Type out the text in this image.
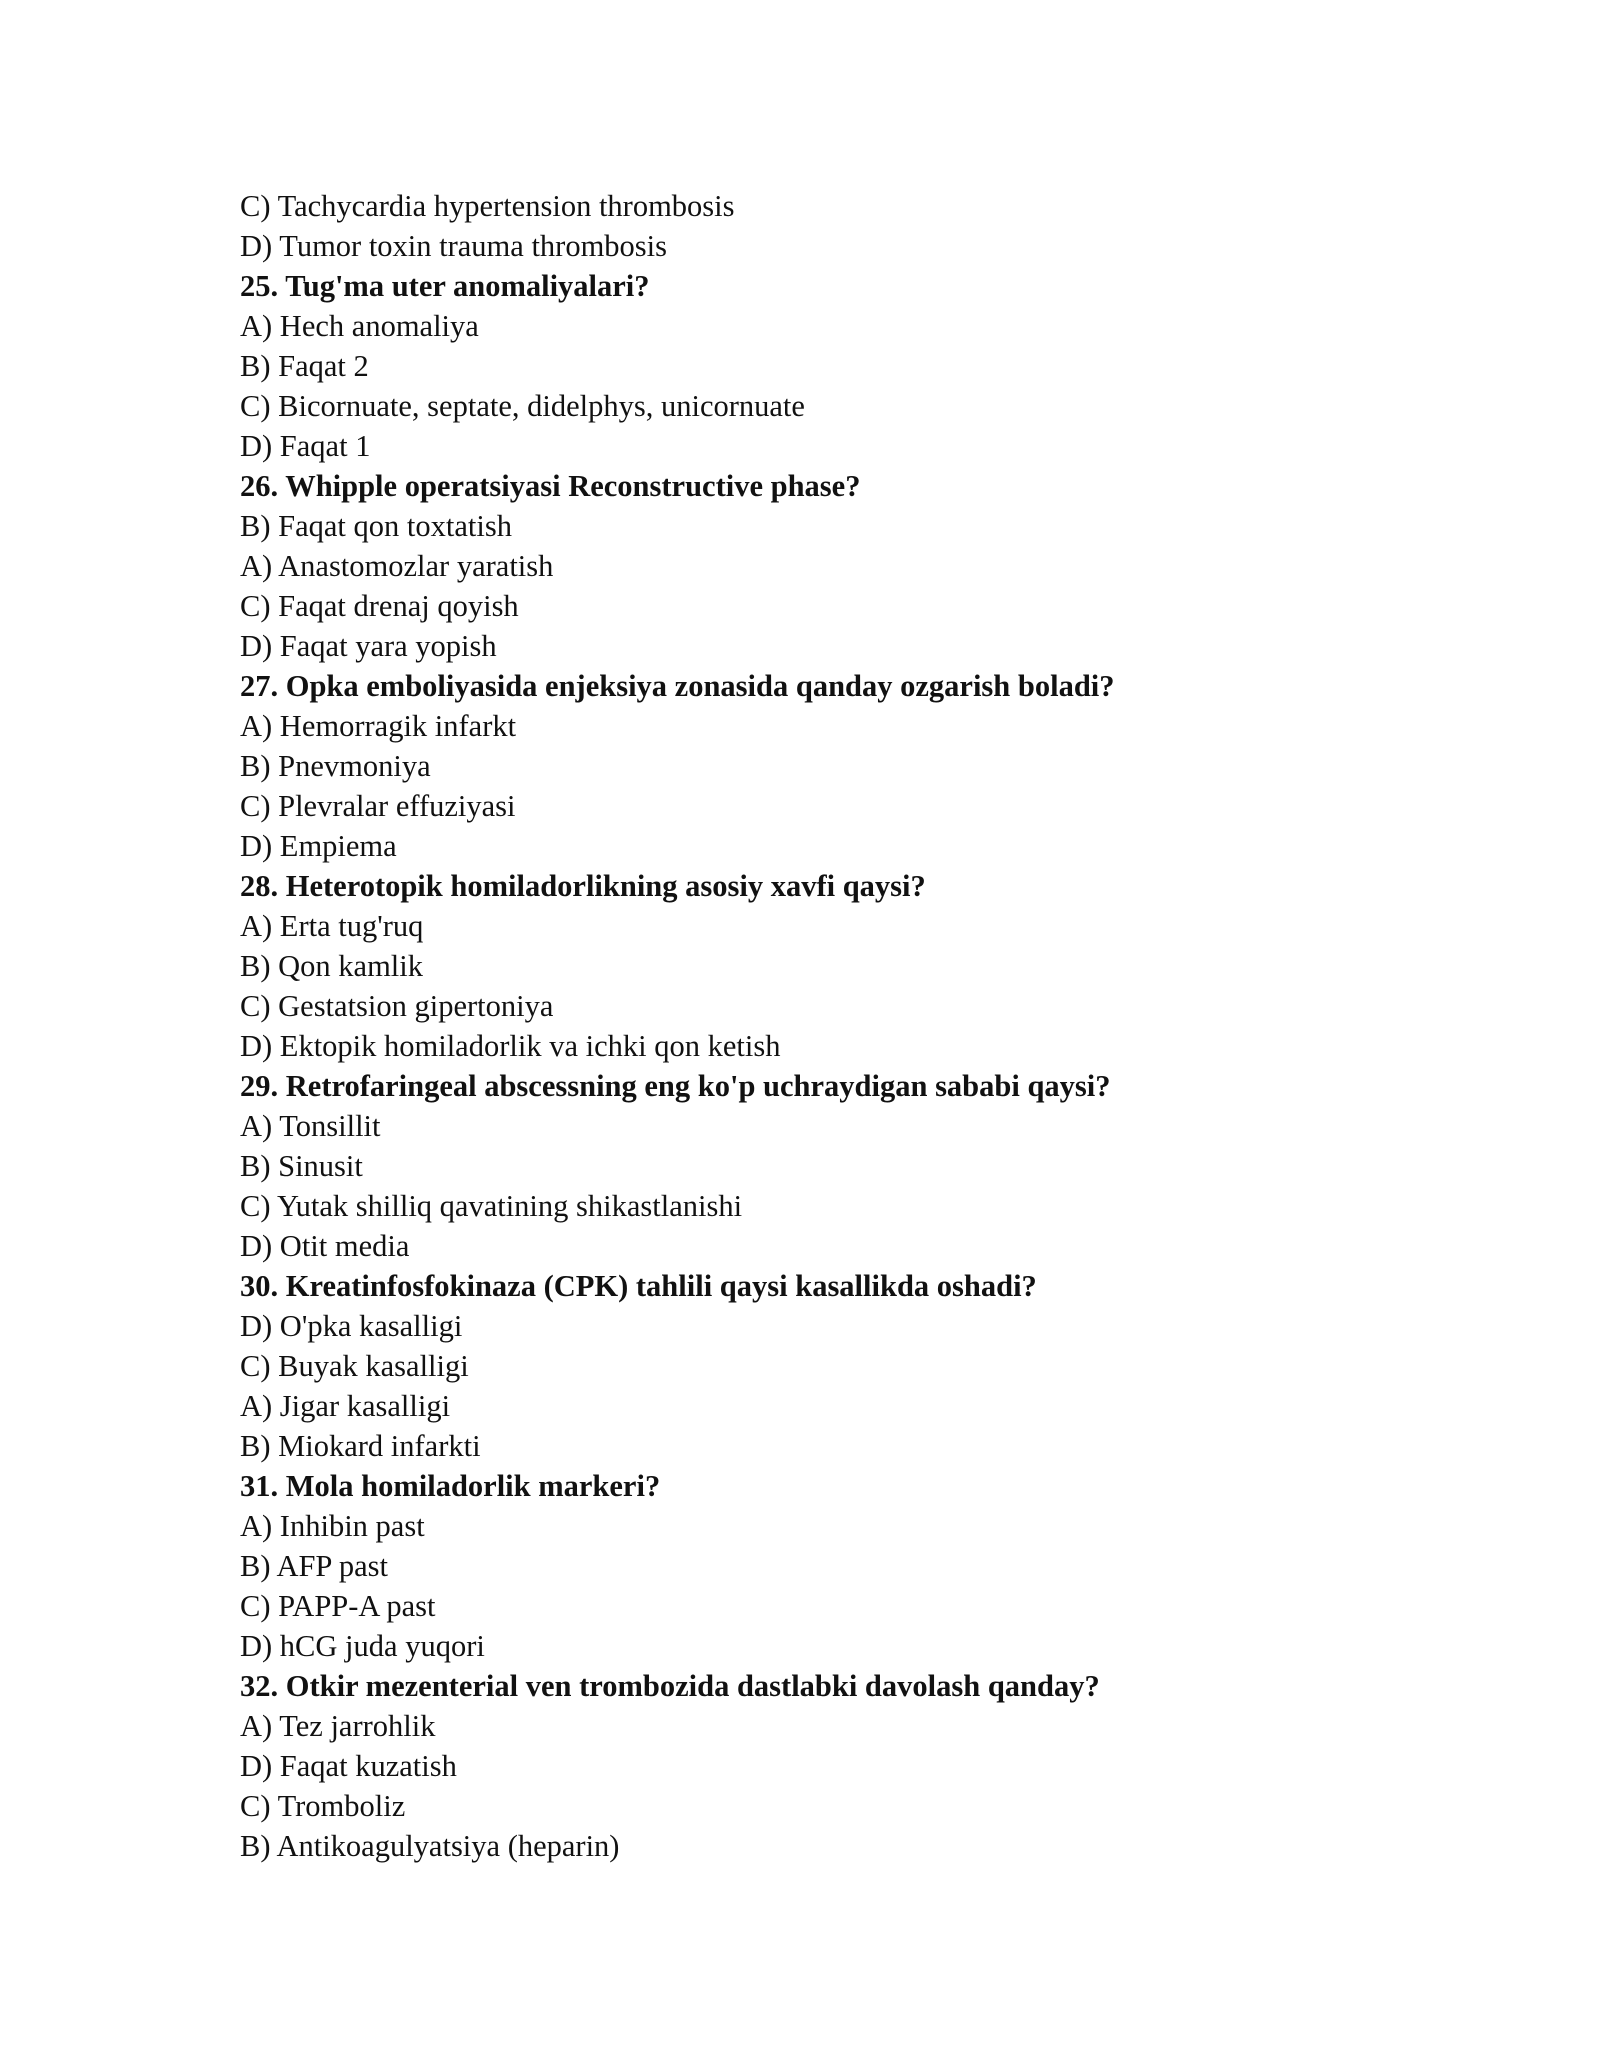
C) Tachycardia hypertension thrombosis
D) Tumor toxin trauma thrombosis
25. Tug'ma uter anomaliyalari?
A) Hech anomaliya
B) Faqat 2
C) Bicornuate, septate, didelphys, unicornuate
D) Faqat 1
26. Whipple operatsiyasi Reconstructive phase?
B) Faqat qon toxtatish
A) Anastomozlar yaratish
C) Faqat drenaj qoyish
D) Faqat yara yopish
27. Opka emboliyasida enjeksiya zonasida qanday ozgarish boladi?
A) Hemorragik infarkt
B) Pnevmoniya
C) Plevralar effuziyasi
D) Empiema
28. Heterotopik homiladorlikning asosiy xavfi qaysi?
A) Erta tug'ruq
B) Qon kamlik
C) Gestatsion gipertoniya
D) Ektopik homiladorlik va ichki qon ketish
29. Retrofaringeal abscessning eng ko'p uchraydigan sababi qaysi?
A) Tonsillit
B) Sinusit
C) Yutak shilliq qavatining shikastlanishi
D) Otit media
30. Kreatinfosfokinaza (CPK) tahlili qaysi kasallikda oshadi?
D) O'pka kasalligi
C) Buyak kasalligi
A) Jigar kasalligi
B) Miokard infarkti
31. Mola homiladorlik markeri?
A) Inhibin past
B) AFP past
C) PAPP-A past
D) hCG juda yuqori
32. Otkir mezenterial ven trombozida dastlabki davolash qanday?
A) Tez jarrohlik
D) Faqat kuzatish
C) Tromboliz
B) Antikoagulyatsiya (heparin)
